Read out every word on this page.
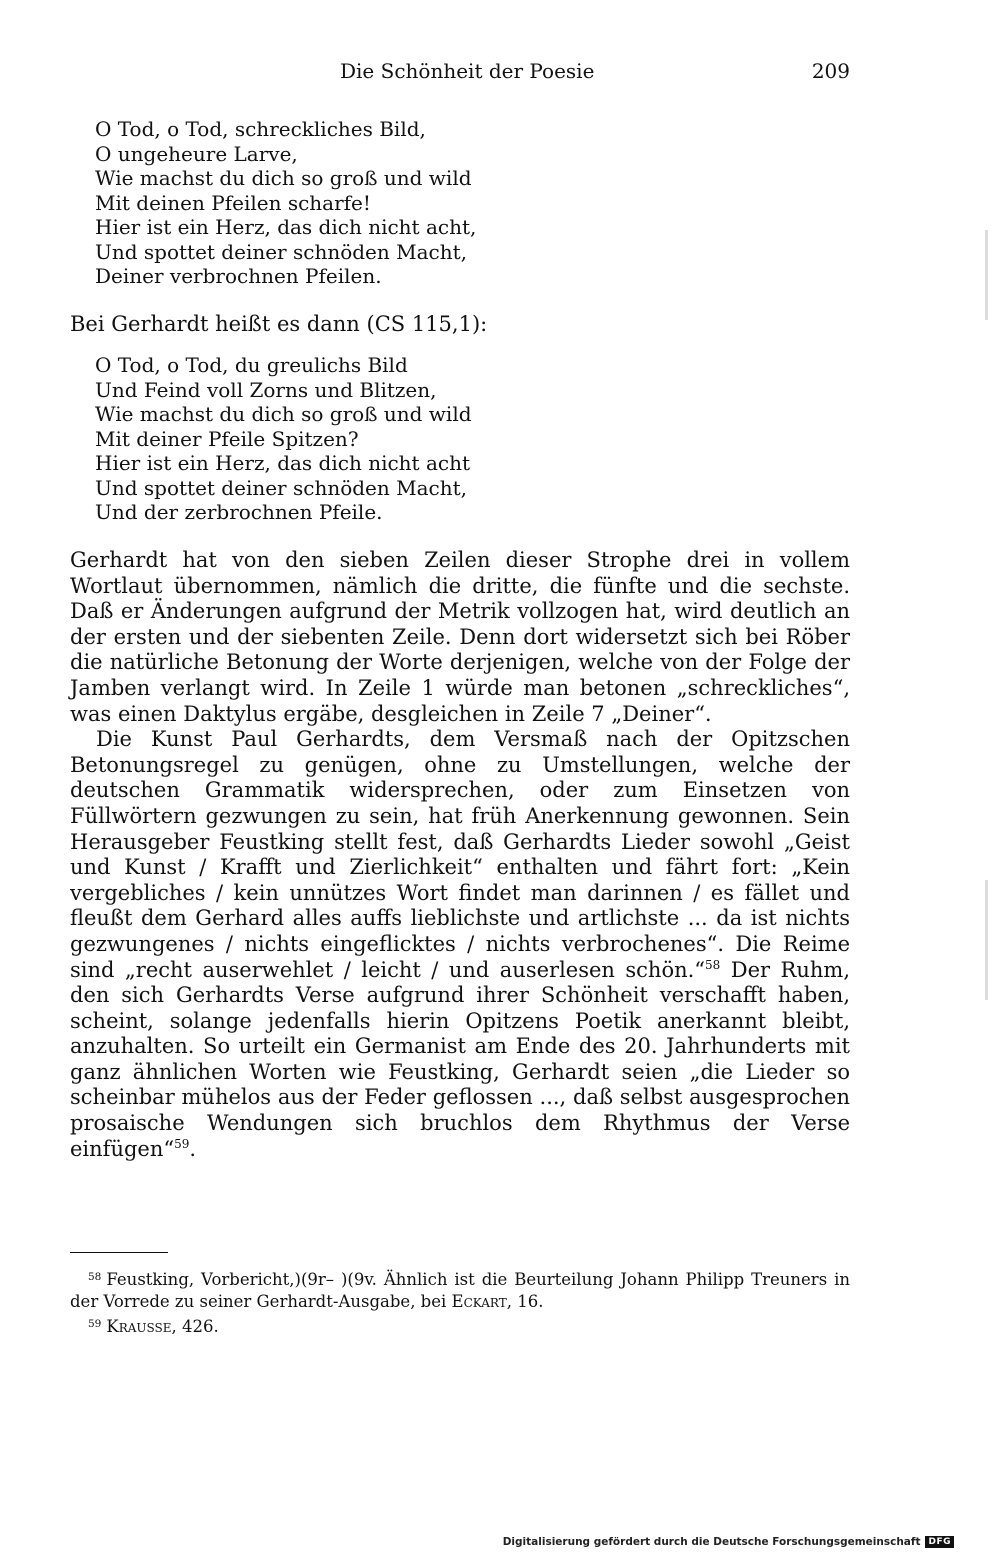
Die Schönheit der Poesie	209
O Tod, o Tod, schreckliches Bild,
O ungeheure Larve,
Wie machst du dich so groß und wild
Mit deinen Pfeilen scharfe!
Hier ist ein Herz, das dich nicht acht,
Und spottet deiner schnöden Macht,
Deiner verbrochnen Pfeilen.
Bei Gerhardt heißt es dann (CS 115,1):
O Tod, o Tod, du greulichs Bild
Und Feind voll Zorns und Blitzen,
Wie machst du dich so groß und wild
Mit deiner Pfeile Spitzen?
Hier ist ein Herz, das dich nicht acht
Und spottet deiner schnöden Macht,
Und der zerbrochnen Pfeile.

Gerhardt hat von den sieben Zeilen dieser Strophe drei in vollem Wortlaut übernommen, nämlich die dritte, die fünfte und die sechste. Daß er Änderungen aufgrund der Metrik vollzogen hat, wird deutlich an der ersten und der siebenten Zeile. Denn dort widersetzt sich bei Röber die natürliche Betonung der Worte derjenigen, welche von der Folge der Jamben verlangt wird. In Zeile 1 würde man betonen „schreckliches“, was einen Daktylus ergäbe, desgleichen in Zeile 7 „Deiner“.

Die Kunst Paul Gerhardts, dem Versmaß nach der Opitzschen Betonungsregel zu genügen, ohne zu Umstellungen, welche der deutschen Grammatik widersprechen, oder zum Einsetzen von Füllwörtern gezwungen zu sein, hat früh Anerkennung gewonnen. Sein Herausgeber Feustking stellt fest, daß Gerhardts Lieder sowohl „Geist und Kunst / Krafft und Zierlichkeit“ enthalten und fährt fort: „Kein vergebliches / kein unnützes Wort findet man darinnen / es fället und fleußt dem Gerhard alles auffs lieblichste und artlichste ... da ist nichts gezwungenes / nichts eingeflicktes / nichts verbrochenes“. Die Reime sind „recht auserwehlet / leicht / und auserlesen schön.“$^{58}$ Der Ruhm, den sich Gerhardts Verse aufgrund ihrer Schönheit verschafft haben, scheint, solange jedenfalls hierin Opitzens Poetik anerkannt bleibt, anzuhalten. So urteilt ein Germanist am Ende des 20. Jahrhunderts mit ganz ähnlichen Worten wie Feustking, Gerhardt seien „die Lieder so scheinbar mühelos aus der Feder geflossen ..., daß selbst ausgesprochen prosaische Wendungen sich bruchlos dem Rhythmus der Verse einfügen“$^{59}$.

$^{58}$ Feustking, Vorbericht,)(9r– )(9v. Ähnlich ist die Beurteilung Johann Philipp Treuners in der Vorrede zu seiner Gerhardt-Ausgabe, bei Eckart, 16.

$^{59}$ Krausse, 426.

Digitalisierung gefördert durch die Deutsche Forschungsgemeinschaft DFG
